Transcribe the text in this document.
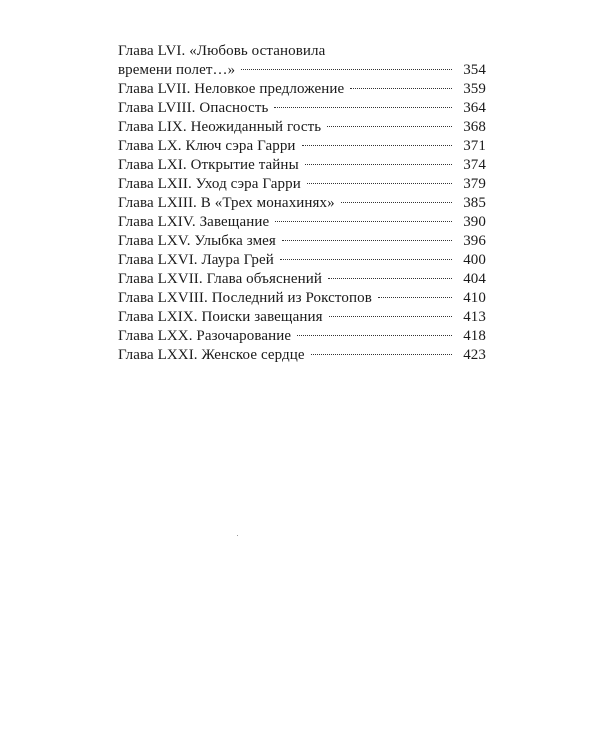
Глава LVI. «Любовь остановила
времени полет…»	354
Глава LVII. Неловкое предложение	359
Глава LVIII. Опасность	364
Глава LIX. Неожиданный гость	368
Глава LX. Ключ сэра Гарри	371
Глава LXI. Открытие тайны	374
Глава LXII. Уход сэра Гарри	379
Глава LXIII. В «Трех монахинях»	385
Глава LXIV. Завещание	390
Глава LXV. Улыбка змея	396
Глава LXVI. Лаура Грей	400
Глава LXVII. Глава объяснений	404
Глава LXVIII. Последний из Рокстопов	410
Глава LXIX. Поиски завещания	413
Глава LXX. Разочарование	418
Глава LXXI. Женское сердце	423
